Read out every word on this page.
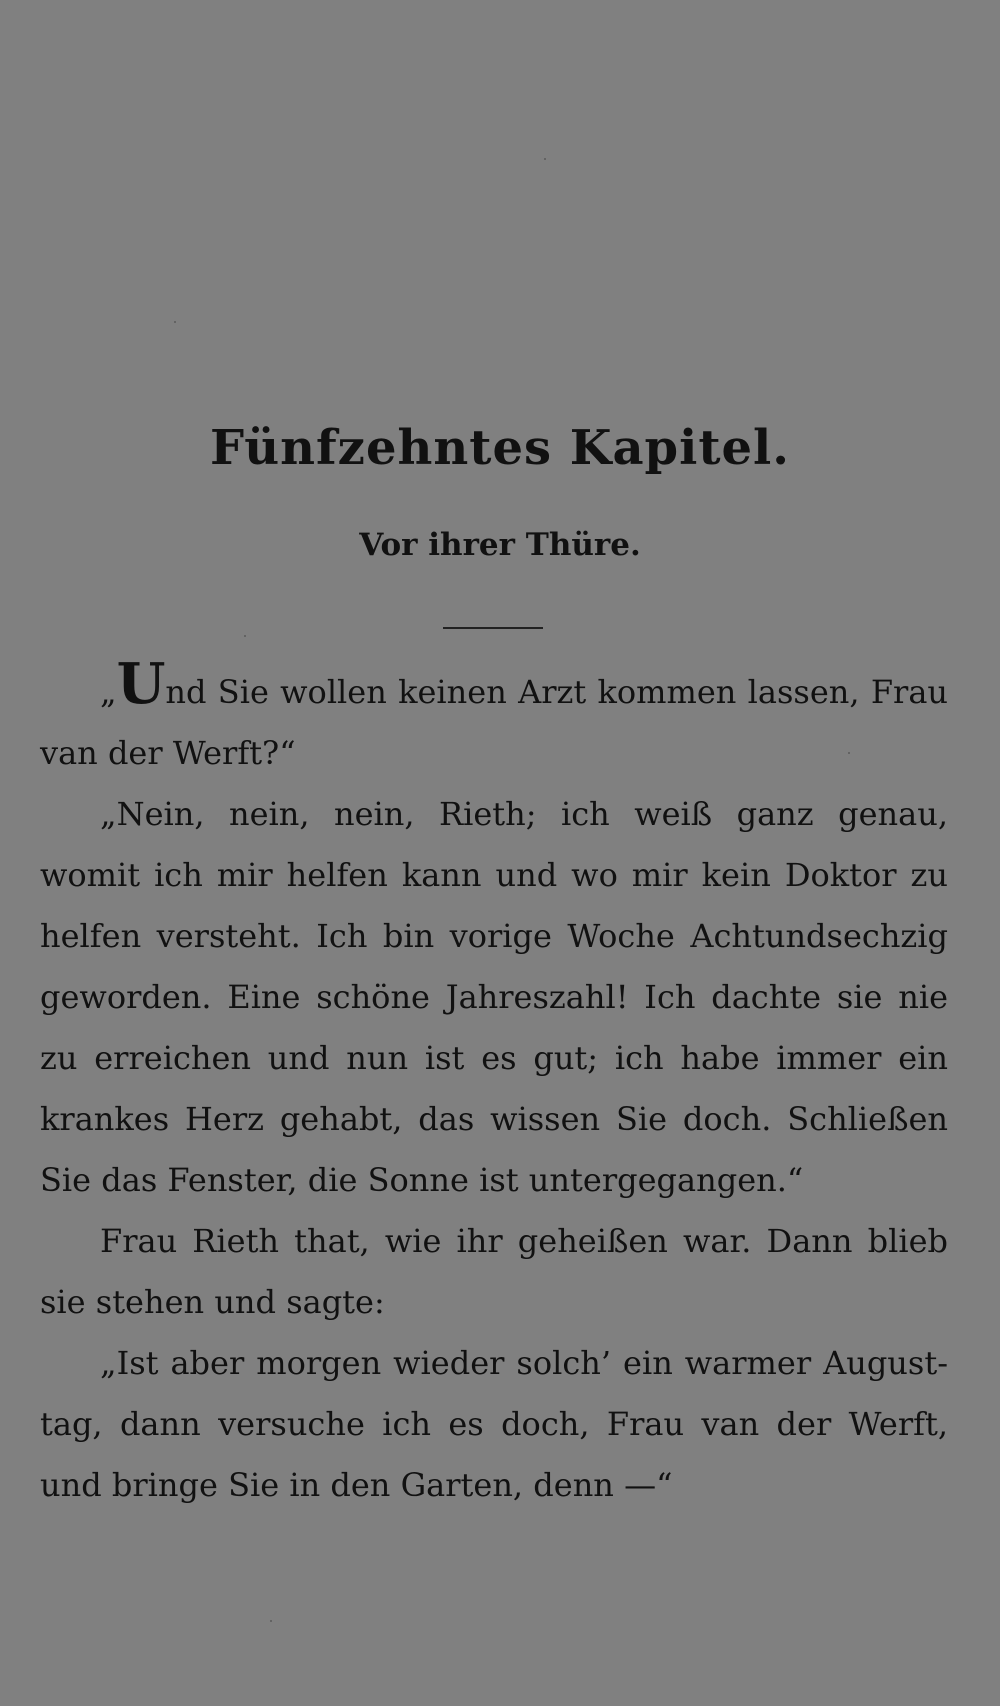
Fünfzehntes Kapitel.
Vor ihrer Thüre.

„Und Sie wollen keinen Arzt kommen lassen, Frau van der Werft?“

„Nein, nein, nein, Rieth; ich weiß ganz genau, womit ich mir helfen kann und wo mir kein Doktor zu helfen versteht. Ich bin vorige Woche Achtundsechzig geworden. Eine schöne Jahreszahl! Ich dachte sie nie zu erreichen und nun ist es gut; ich habe immer ein krankes Herz gehabt, das wissen Sie doch. Schließen Sie das Fenster, die Sonne ist untergegangen.“

Frau Rieth that, wie ihr geheißen war. Dann blieb sie stehen und sagte:

„Ist aber morgen wieder solch’ ein warmer Augusttag, dann versuche ich es doch, Frau van der Werft, und bringe Sie in den Garten, denn —“
